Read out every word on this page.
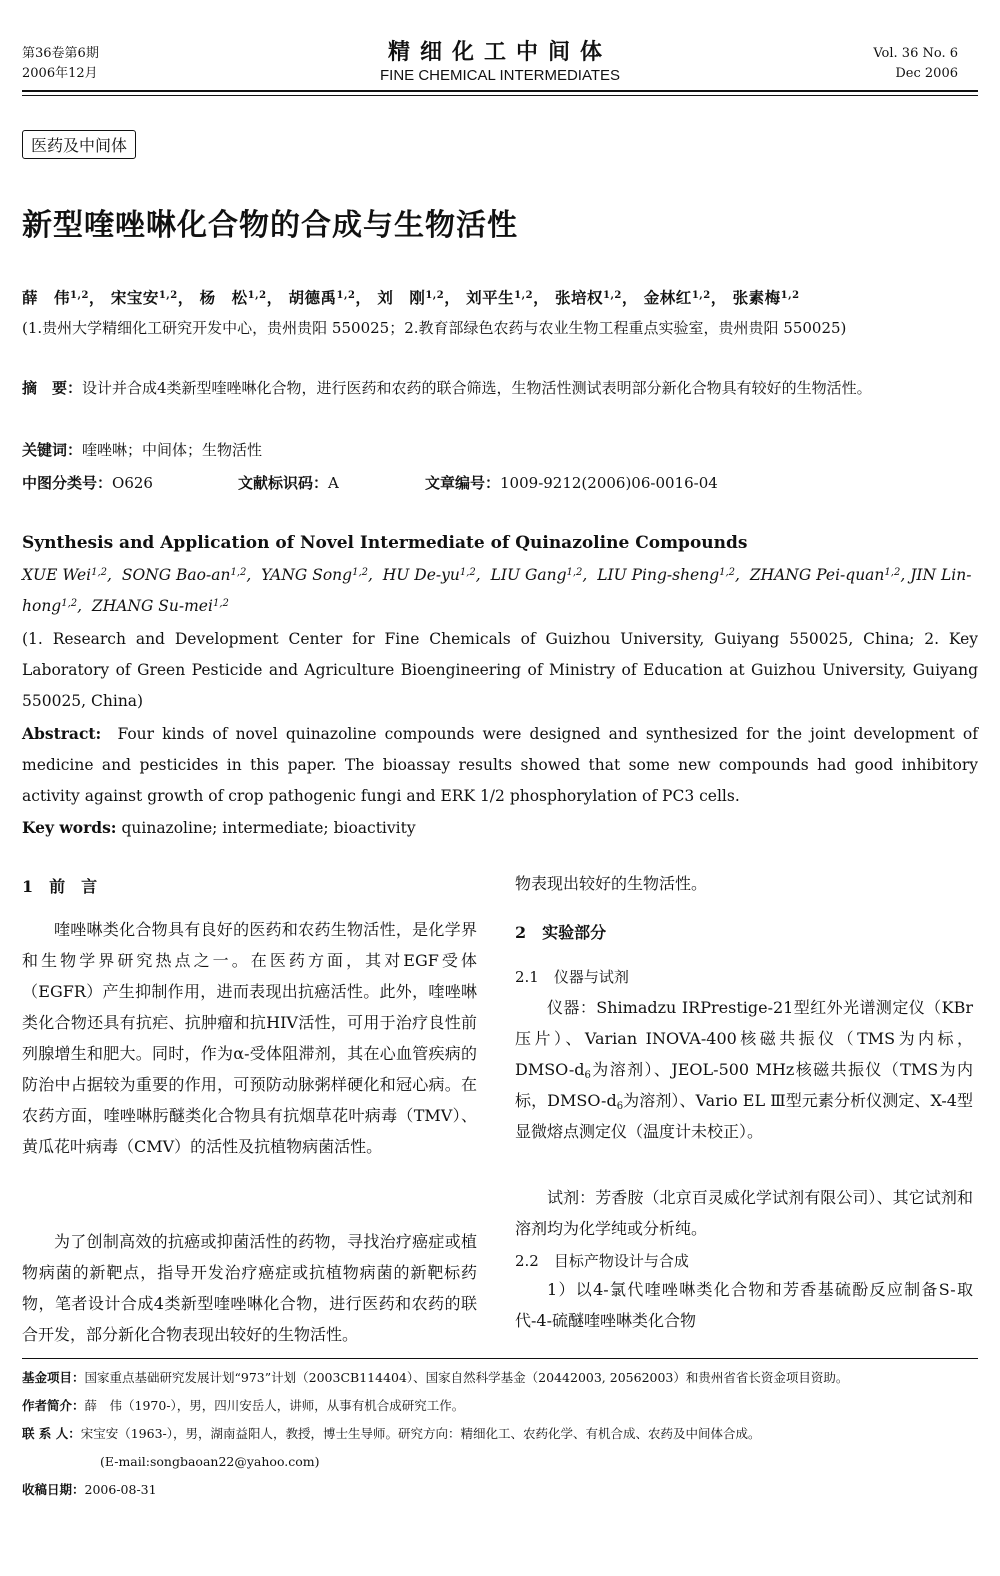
第36卷第6期
2006年12月
精细化工中间体
FINE CHEMICAL INTERMEDIATES
Vol. 36 No. 6
Dec 2006
医药及中间体
新型喹唑啉化合物的合成与生物活性
薛　伟$^{1,2}$， 宋宝安$^{1,2}$， 杨　松$^{1,2}$， 胡德禹$^{1,2}$， 刘　刚$^{1,2}$， 刘平生$^{1,2}$， 张培权$^{1,2}$， 金林红$^{1,2}$， 张素梅$^{1,2}$
(1.贵州大学精细化工研究开发中心，贵州贵阳 550025；2.教育部绿色农药与农业生物工程重点实验室，贵州贵阳 550025)
摘　要：设计并合成4类新型喹唑啉化合物，进行医药和农药的联合筛选，生物活性测试表明部分新化合物具有较好的生物活性。
关键词：喹唑啉；中间体；生物活性
中图分类号：O626	文献标识码：A	文章编号：1009-9212(2006)06-0016-04
Synthesis and Application of Novel Intermediate of Quinazoline Compounds
XUE Wei$^{1,2}$,  SONG Bao-an$^{1,2}$,  YANG Song$^{1,2}$,  HU De-yu$^{1,2}$,  LIU Gang$^{1,2}$,  LIU Ping-sheng$^{1,2}$,  ZHANG Pei-quan$^{1,2}$, JIN Lin-hong$^{1,2}$,  ZHANG Su-mei$^{1,2}$
(1. Research and Development Center for Fine Chemicals of Guizhou University, Guiyang 550025, China; 2. Key Laboratory of Green Pesticide and Agriculture Bioengineering of Ministry of Education at Guizhou University, Guiyang 550025, China)
Abstract: Four kinds of novel quinazoline compounds were designed and synthesized for the joint development of medicine and pesticides in this paper. The bioassay results showed that some new compounds had good inhibitory activity against growth of crop pathogenic fungi and ERK 1/2 phosphorylation of PC3 cells.
Key words: quinazoline; intermediate; bioactivity
1　前　言
喹唑啉类化合物具有良好的医药和农药生物活性，是化学界和生物学界研究热点之一。在医药方面，其对EGF受体（EGFR）产生抑制作用，进而表现出抗癌活性。此外，喹唑啉类化合物还具有抗疟、抗肿瘤和抗HIV活性，可用于治疗良性前列腺增生和肥大。同时，作为α-受体阻滞剂，其在心血管疾病的防治中占据较为重要的作用，可预防动脉粥样硬化和冠心病。在农药方面，喹唑啉肟醚类化合物具有抗烟草花叶病毒（TMV）、黄瓜花叶病毒（CMV）的活性及抗植物病菌活性。
为了创制高效的抗癌或抑菌活性的药物，寻找治疗癌症或植物病菌的新靶点，指导开发治疗癌症或抗植物病菌的新靶标药物，笔者设计合成4类新型喹唑啉化合物，进行医药和农药的联合开发，部分新化合物表现出较好的生物活性。
物表现出较好的生物活性。
2　实验部分
2.1　仪器与试剂
仪器：Shimadzu IRPrestige-21型红外光谱测定仪（KBr压片）、Varian INOVA-400核磁共振仪（TMS为内标，DMSO-$d_6$为溶剂）、JEOL-500 MHz核磁共振仪（TMS为内标，DMSO-$d_6$为溶剂）、Vario EL Ⅲ型元素分析仪测定、X-4型显微熔点测定仪（温度计未校正）。
试剂：芳香胺（北京百灵威化学试剂有限公司）、其它试剂和溶剂均为化学纯或分析纯。
2.2　目标产物设计与合成
1）以4-氯代喹唑啉类化合物和芳香基硫酚反应制备S-取代-4-硫醚喹唑啉类化合物
基金项目：国家重点基础研究发展计划“973”计划（2003CB114404）、国家自然科学基金（20442003, 20562003）和贵州省省长资金项目资助。
作者简介：薛　伟（1970-），男，四川安岳人，讲师，从事有机合成研究工作。
联 系 人：宋宝安（1963-），男，湖南益阳人，教授，博士生导师。研究方向：精细化工、农药化学、有机合成、农药及中间体合成。
(E-mail:songbaoan22@yahoo.com)
收稿日期：2006-08-31
